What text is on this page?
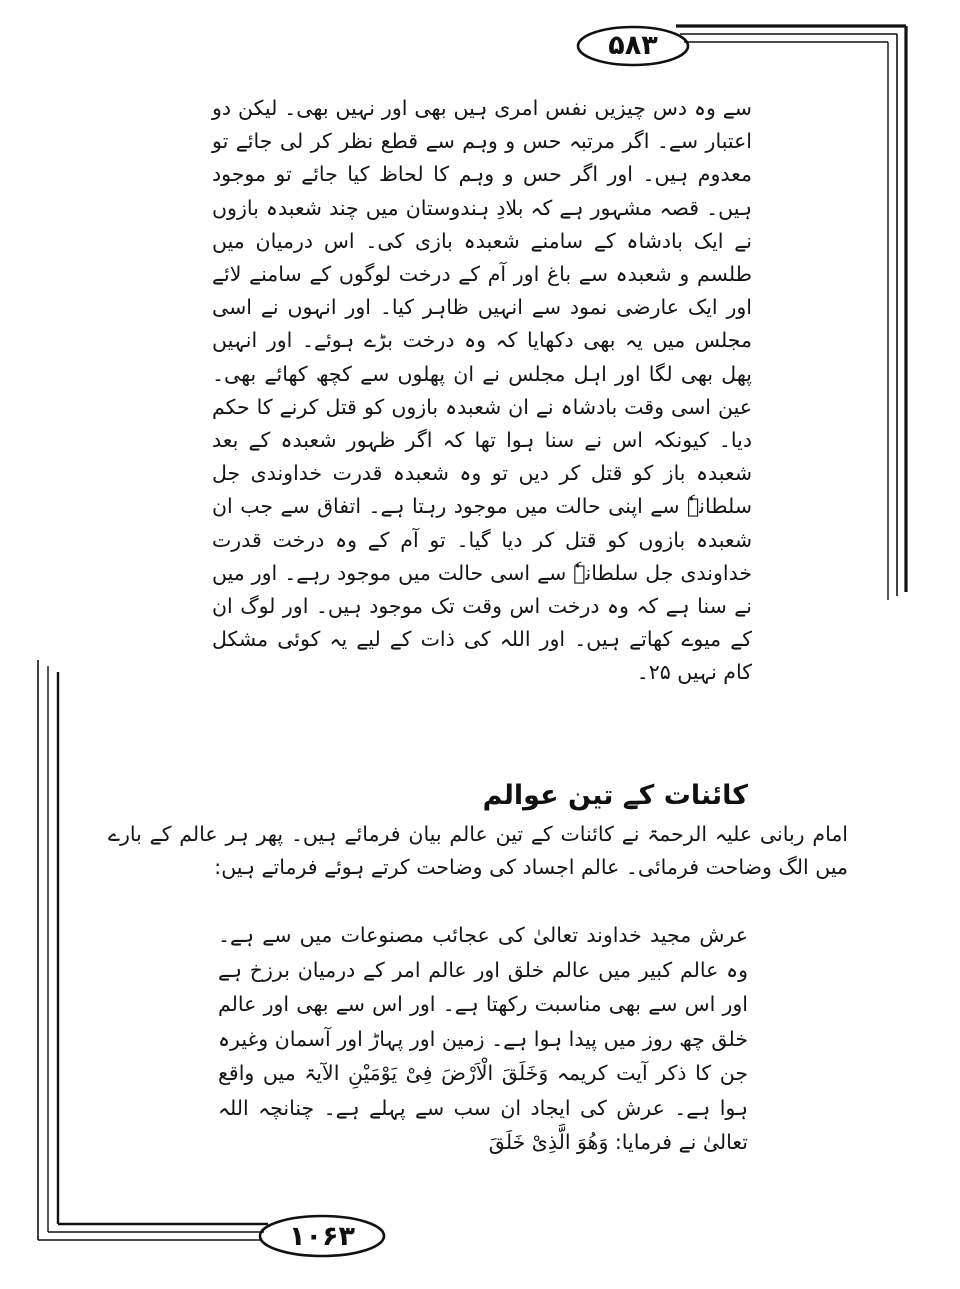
۵۸۳
سے وہ دس چیزیں نفس امری ہیں بھی اور نہیں بھی۔ لیکن دو اعتبار سے۔ اگر مرتبہ حس و وہم سے قطع نظر کر لی جائے تو معدوم ہیں۔ اور اگر حس و وہم کا لحاظ کیا جائے تو موجود ہیں۔ قصہ مشہور ہے کہ بلادِ ہندوستان میں چند شعبدہ بازوں نے ایک بادشاہ کے سامنے شعبدہ بازی کی۔ اس درمیان میں طلسم و شعبدہ سے باغ اور آم کے درخت لوگوں کے سامنے لائے اور ایک عارضی نمود سے انہیں ظاہر کیا۔ اور انہوں نے اسی مجلس میں یہ بھی دکھایا کہ وہ درخت بڑے ہوئے۔ اور انہیں پھل بھی لگا اور اہل مجلس نے ان پھلوں سے کچھ کھائے بھی۔ عین اسی وقت بادشاہ نے ان شعبدہ بازوں کو قتل کرنے کا حکم دیا۔ کیونکہ اس نے سنا ہوا تھا کہ اگر ظہور شعبدہ کے بعد شعبدہ باز کو قتل کر دیں تو وہ شعبدہ قدرت خداوندی جل سلطانہٗ سے اپنی حالت میں موجود رہتا ہے۔ اتفاق سے جب ان شعبدہ بازوں کو قتل کر دیا گیا۔ تو آم کے وہ درخت قدرت خداوندی جل سلطانہٗ سے اسی حالت میں موجود رہے۔ اور میں نے سنا ہے کہ وہ درخت اس وقت تک موجود ہیں۔ اور لوگ ان کے میوے کھاتے ہیں۔ اور اللہ کی ذات کے لیے یہ کوئی مشکل کام نہیں ۲۵۔
کائنات کے تین عوالم
امام ربانی علیہ الرحمۃ نے کائنات کے تین عالم بیان فرمائے ہیں۔ پھر ہر عالم کے بارے میں الگ وضاحت فرمائی۔ عالم اجساد کی وضاحت کرتے ہوئے فرماتے ہیں:
عرش مجید خداوند تعالیٰ کی عجائب مصنوعات میں سے ہے۔ وہ عالم کبیر میں عالم خلق اور عالم امر کے درمیان برزخ ہے اور اس سے بھی مناسبت رکھتا ہے۔ اور اس سے بھی اور عالم خلق چھ روز میں پیدا ہوا ہے۔ زمین اور پہاڑ اور آسمان وغیرہ جن کا ذکر آیت کریمہ وَخَلَقَ الْاَرْضَ فِیْ یَوْمَیْنِ الآیۃ میں واقع ہوا ہے۔ عرش کی ایجاد ان سب سے پہلے ہے۔ چنانچہ اللہ تعالیٰ نے فرمایا: وَهُوَ الَّذِیْ خَلَقَ
۱۰۶۳
